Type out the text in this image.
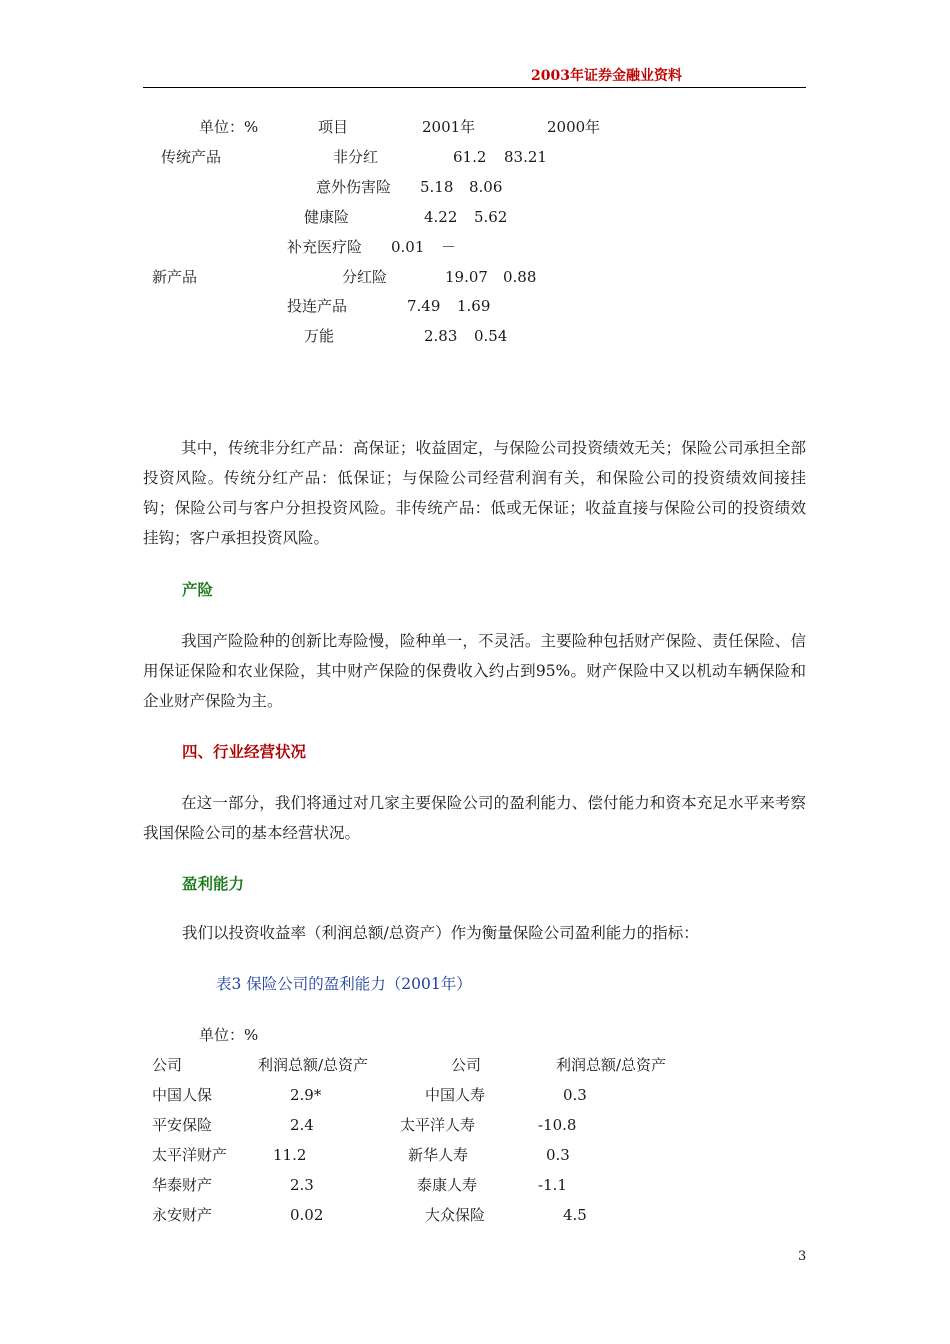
2003年证券金融业资料
单位：%	项目	2001年	2000年
传统产品	非分红	61.2 83.21
意外伤害险 5.18 8.06
健康险	4.22 5.62
补充医疗险 0.01 －
新产品	分红险	19.07 0.88
投连产品	7.49 1.69
万能	2.83 0.54
其中，传统非分红产品：高保证；收益固定，与保险公司投资绩效无关；保险公司承担全部投资风险。传统分红产品：低保证；与保险公司经营利润有关，和保险公司的投资绩效间接挂钩；保险公司与客户分担投资风险。非传统产品：低或无保证；收益直接与保险公司的投资绩效挂钩；客户承担投资风险。
产险
我国产险险种的创新比寿险慢，险种单一，不灵活。主要险种包括财产保险、责任保险、信用保证保险和农业保险，其中财产保险的保费收入约占到95%。财产保险中又以机动车辆保险和企业财产保险为主。
四、行业经营状况
在这一部分，我们将通过对几家主要保险公司的盈利能力、偿付能力和资本充足水平来考察我国保险公司的基本经营状况。
盈利能力
我们以投资收益率（利润总额/总资产）作为衡量保险公司盈利能力的指标：
表3 保险公司的盈利能力（2001年）
单位：%
公司	利润总额/总资产	公司	利润总额/总资产
中国人保	2.9*	中国人寿	0.3
平安保险	2.4	太平洋人寿	-10.8
太平洋财产	11.2	新华人寿	0.3
华泰财产	2.3	泰康人寿	-1.1
永安财产	0.02	大众保险	4.5
3
